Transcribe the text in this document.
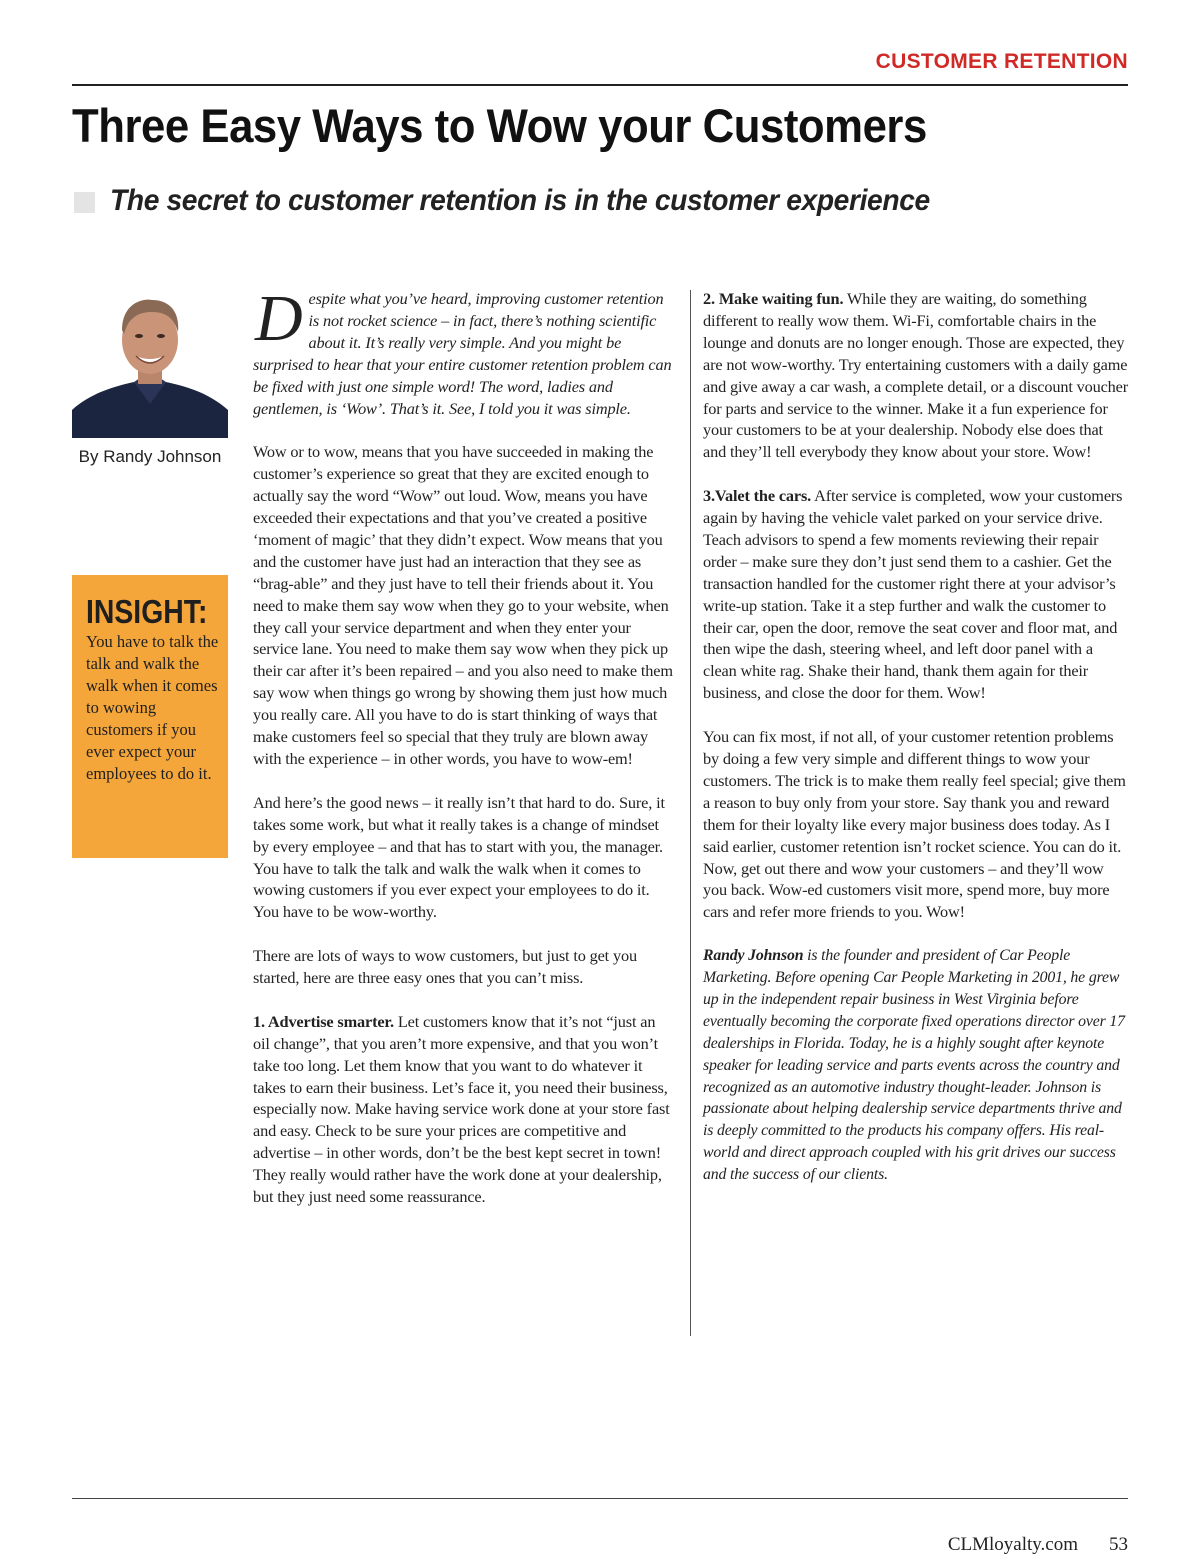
CUSTOMER RETENTION
Three Easy Ways to Wow your Customers
The secret to customer retention is in the customer experience
By Randy Johnson
INSIGHT:
You have to talk the talk and walk the walk when it comes to wowing customers if you ever expect your employees to do it.

Despite what you’ve heard, improving customer retention is not rocket science – in fact, there’s nothing scientific about it. It’s really very simple. And you might be surprised to hear that your entire customer retention problem can be fixed with just one simple word! The word, ladies and gentlemen, is ‘Wow’. That’s it. See, I told you it was simple.

Wow or to wow, means that you have succeeded in making the customer’s experience so great that they are excited enough to actually say the word “Wow” out loud. Wow, means you have exceeded their expectations and that you’ve created a positive ‘moment of magic’ that they didn’t expect. Wow means that you and the customer have just had an interaction that they see as “brag-able” and they just have to tell their friends about it. You need to make them say wow when they go to your website, when they call your service department and when they enter your service lane. You need to make them say wow when they pick up their car after it’s been repaired – and you also need to make them say wow when things go wrong by showing them just how much you really care. All you have to do is start thinking of ways that make customers feel so special that they truly are blown away with the experience – in other words, you have to wow-em!

And here’s the good news – it really isn’t that hard to do. Sure, it takes some work, but what it really takes is a change of mindset by every employee – and that has to start with you, the manager. You have to talk the talk and walk the walk when it comes to wowing customers if you ever expect your employees to do it. You have to be wow-worthy.

There are lots of ways to wow customers, but just to get you started, here are three easy ones that you can’t miss.

1. Advertise smarter. Let customers know that it’s not “just an oil change”, that you aren’t more expensive, and that you won’t take too long. Let them know that you want to do whatever it takes to earn their business. Let’s face it, you need their business, especially now. Make having service work done at your store fast and easy. Check to be sure your prices are competitive and advertise – in other words, don’t be the best kept secret in town! They really would rather have the work done at your dealership, but they just need some reassurance.

2. Make waiting fun. While they are waiting, do something different to really wow them. Wi-Fi, comfortable chairs in the lounge and donuts are no longer enough. Those are expected, they are not wow-worthy. Try entertaining customers with a daily game and give away a car wash, a complete detail, or a discount voucher for parts and service to the winner. Make it a fun experience for your customers to be at your dealership. Nobody else does that and they’ll tell everybody they know about your store. Wow!

3.Valet the cars. After service is completed, wow your customers again by having the vehicle valet parked on your service drive. Teach advisors to spend a few moments reviewing their repair order – make sure they don’t just send them to a cashier. Get the transaction handled for the customer right there at your advisor’s write-up station. Take it a step further and walk the customer to their car, open the door, remove the seat cover and floor mat, and then wipe the dash, steering wheel, and left door panel with a clean white rag. Shake their hand, thank them again for their business, and close the door for them. Wow!

You can fix most, if not all, of your customer retention problems by doing a few very simple and different things to wow your customers. The trick is to make them really feel special; give them a reason to buy only from your store. Say thank you and reward them for their loyalty like every major business does today. As I said earlier, customer retention isn’t rocket science. You can do it. Now, get out there and wow your customers – and they’ll wow you back. Wow-ed customers visit more, spend more, buy more cars and refer more friends to you. Wow!

Randy Johnson is the founder and president of Car People Marketing. Before opening Car People Marketing in 2001, he grew up in the independent repair business in West Virginia before eventually becoming the corporate fixed operations director over 17 dealerships in Florida. Today, he is a highly sought after keynote speaker for leading service and parts events across the country and recognized as an automotive industry thought-leader. Johnson is passionate about helping dealership service departments thrive and is deeply committed to the products his company offers. His real-world and direct approach coupled with his grit drives our success and the success of our clients.

CLMloyalty.com 53
